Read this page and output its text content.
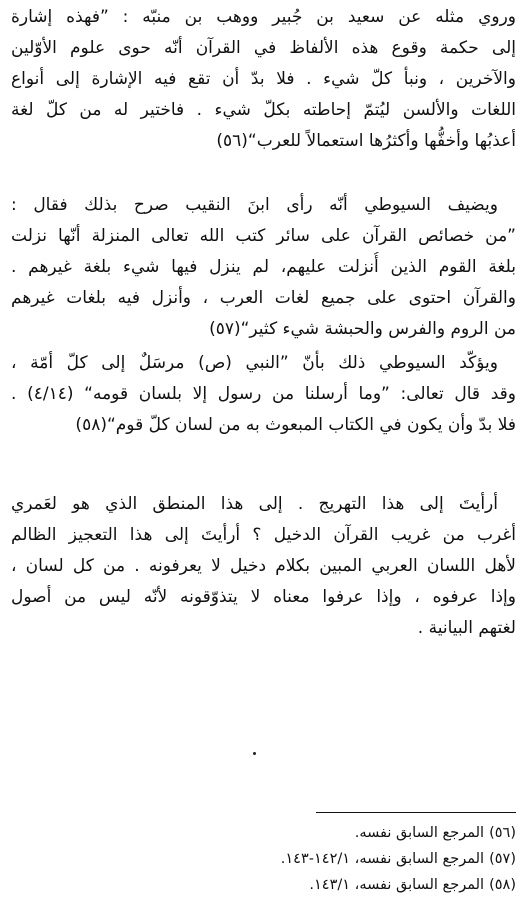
وروي مثله عن سعيد بن جُبير ووهب بن منبّه : ”فهذه إشارة
إلى حكمة وقوع هذه الألفاظ في القرآن أنّه حوى علوم الأوّلين
والآخرين ، ونبأ كلّ شيء . فلا بدّ أن تقع فيه الإشارة إلى أنواع
اللغات والألسن ليُتمّ إحاطته بكلّ شيء . فاختير له من كلّ لغة
أعذبُها وأخفُّها وأكثرُها استعمالاً للعرب“(٥٦)
ويضيف السيوطي أنّه رأى ابنَ النقيب صرح بذلك فقال :
”من خصائص القرآن على سائر كتب الله تعالى المنزلة أنّها نزلت
بلغة القوم الذين أُنزلت عليهم، لم ينزل فيها شيء بلغة غيرهم .
والقرآن احتوى على جميع لغات العرب ، وأنزل فيه بلغات غيرهم
من الروم والفرس والحبشة شيء كثير“(٥٧)
ويؤكّد السيوطي ذلك بأنّ ”النبي (ص) مرسَلٌ إلى كلّ أمّة ،
وقد قال تعالى: ”وما أرسلنا من رسول إلا بلسان قومه“ (٤/١٤) .
فلا بدّ وأن يكون في الكتاب المبعوث به من لسان كلّ قوم“(٥٨)
أرأيتَ إلى هذا التهريج . إلى هذا المنطق الذي هو لعَمري
أغرب من غريب القرآن الدخيل ؟ أرأيتَ إلى هذا التعجيز الظالم
لأهل اللسان العربي المبين بكلام دخيل لا يعرفونه . من كل لسان ،
وإذا عرفوه ، وإذا عرفوا معناه لا يتذوّقونه لأنّه ليس من أصول
لغتهم البيانية .
(٥٦)المرجع السابق نفسه.
(٥٧)المرجع السابق نفسه، ١٤٢/١-١٤٣.
(٥٨)المرجع السابق نفسه، ١٤٣/١.
